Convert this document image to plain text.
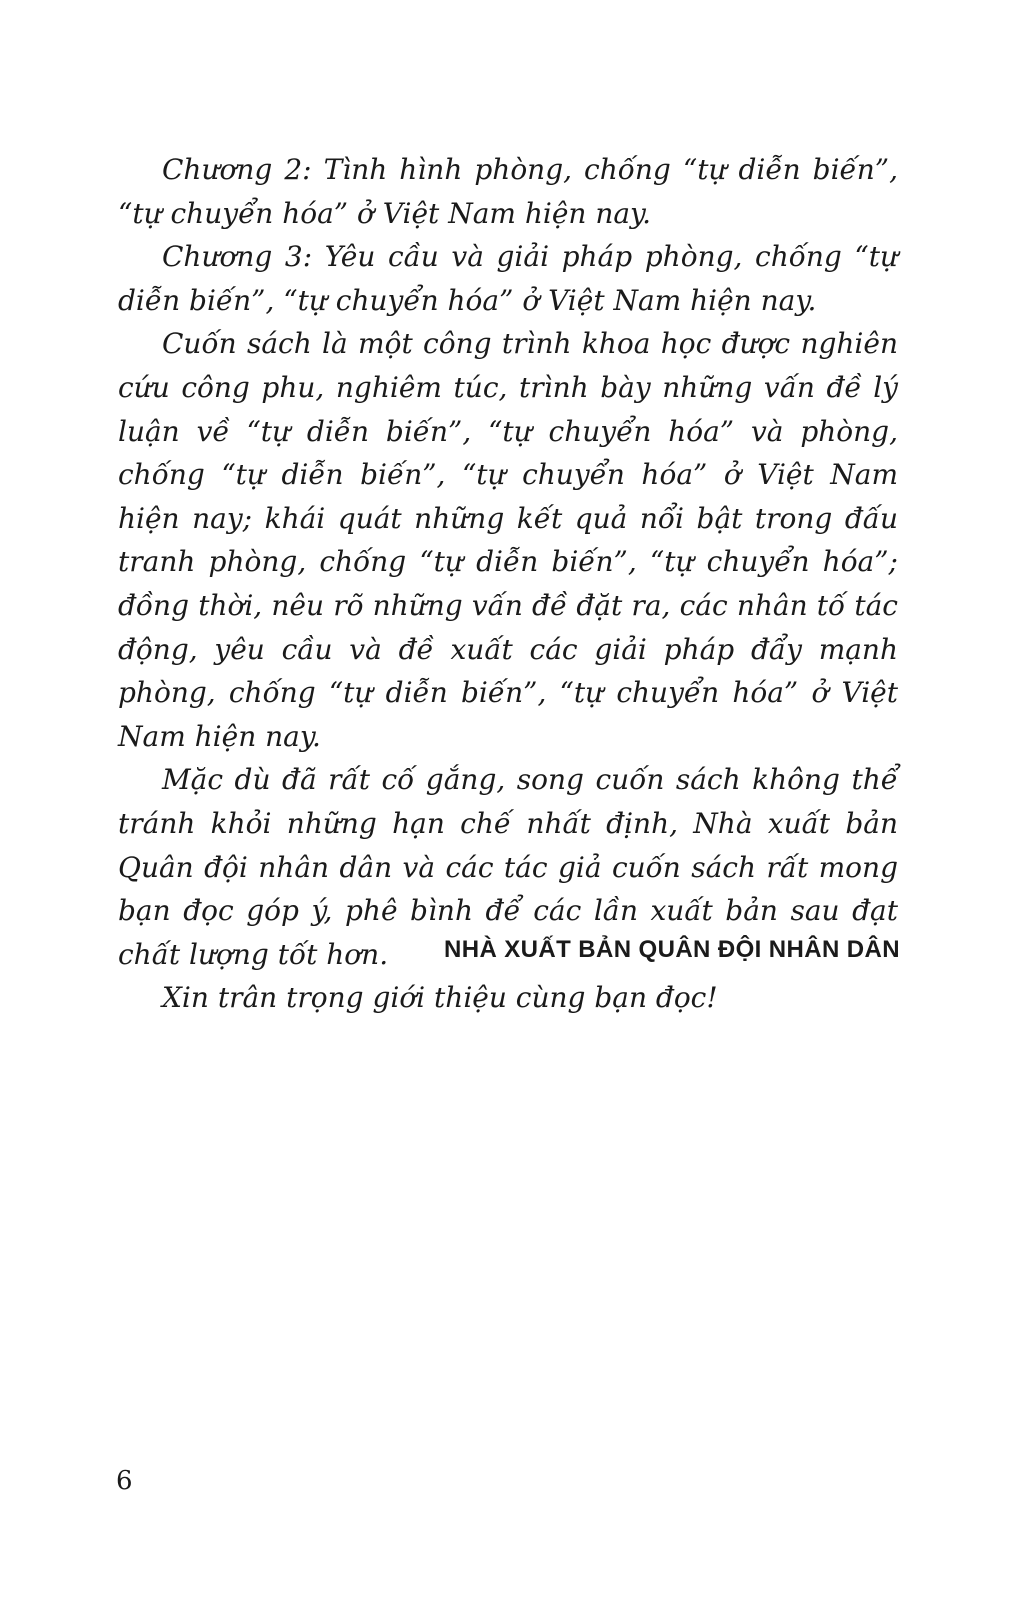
Chương 2: Tình hình phòng, chống “tự diễn biến”, “tự chuyển hóa” ở Việt Nam hiện nay.

Chương 3: Yêu cầu và giải pháp phòng, chống “tự diễn biến”, “tự chuyển hóa” ở Việt Nam hiện nay.

Cuốn sách là một công trình khoa học được nghiên cứu công phu, nghiêm túc, trình bày những vấn đề lý luận về “tự diễn biến”, “tự chuyển hóa” và phòng, chống “tự diễn biến”, “tự chuyển hóa” ở Việt Nam hiện nay; khái quát những kết quả nổi bật trong đấu tranh phòng, chống “tự diễn biến”, “tự chuyển hóa”; đồng thời, nêu rõ những vấn đề đặt ra, các nhân tố tác động, yêu cầu và đề xuất các giải pháp đẩy mạnh phòng, chống “tự diễn biến”, “tự chuyển hóa” ở Việt Nam hiện nay.

Mặc dù đã rất cố gắng, song cuốn sách không thể tránh khỏi những hạn chế nhất định, Nhà xuất bản Quân đội nhân dân và các tác giả cuốn sách rất mong bạn đọc góp ý, phê bình để các lần xuất bản sau đạt chất lượng tốt hơn.

Xin trân trọng giới thiệu cùng bạn đọc!

NHÀ XUẤT BẢN QUÂN ĐỘI NHÂN DÂN
6
